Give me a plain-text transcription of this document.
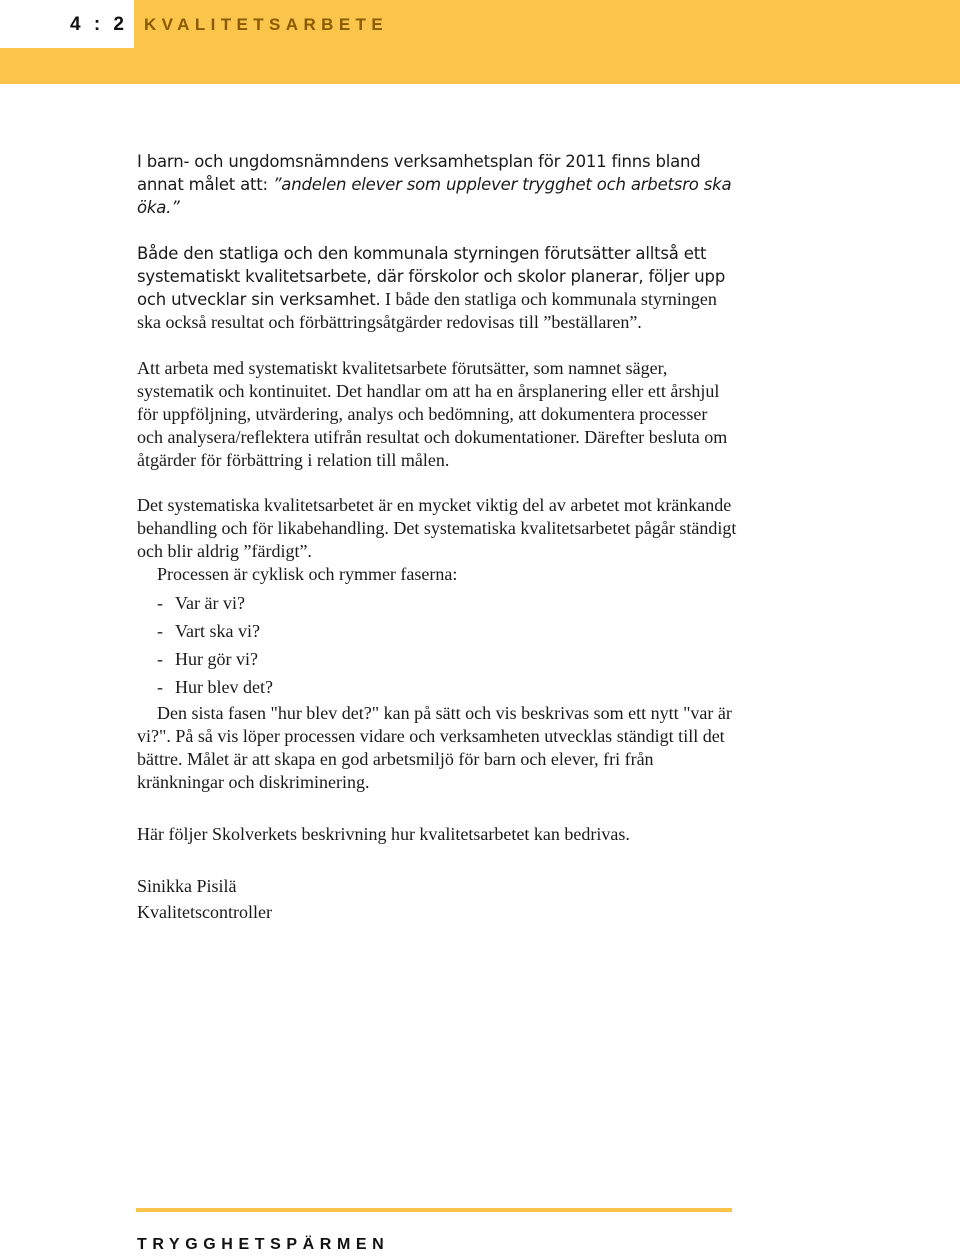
4 : 2 KVALITETSARBETE

I barn- och ungdomsnämndens verksamhetsplan för 2011 finns bland annat målet att: ”andelen elever som upplever trygghet och arbetsro ska öka.”

Både den statliga och den kommunala styrningen förutsätter alltså ett systematiskt kvalitetsarbete, där förskolor och skolor planerar, följer upp och utvecklar sin verksamhet. I både den statliga och kommunala styrningen ska också resultat och förbättringsåtgärder redovisas till ”beställaren”.

Att arbeta med systematiskt kvalitetsarbete förutsätter, som namnet säger, systematik och kontinuitet. Det handlar om att ha en årsplanering eller ett årshjul för uppföljning, utvärdering, analys och bedömning, att dokumentera processer och analysera/reflektera utifrån resultat och dokumentationer. Därefter besluta om åtgärder för förbättring i relation till målen.

Det systematiska kvalitetsarbetet är en mycket viktig del av arbetet mot kränkande behandling och för likabehandling. Det systematiska kvalitetsarbetet pågår ständigt och blir aldrig ”färdigt”.

Processen är cyklisk och rymmer faserna:

- Var är vi?
- Vart ska vi?
- Hur gör vi?
- Hur blev det?

Den sista fasen "hur blev det?" kan på sätt och vis beskrivas som ett nytt "var är vi?". På så vis löper processen vidare och verksamheten utvecklas ständigt till det bättre. Målet är att skapa en god arbetsmiljö för barn och elever, fri från kränkningar och diskriminering.

Här följer Skolverkets beskrivning hur kvalitetsarbetet kan bedrivas.

Sinikka Pisilä

Kvalitetscontroller

TRYGGHETSPÄRMEN
